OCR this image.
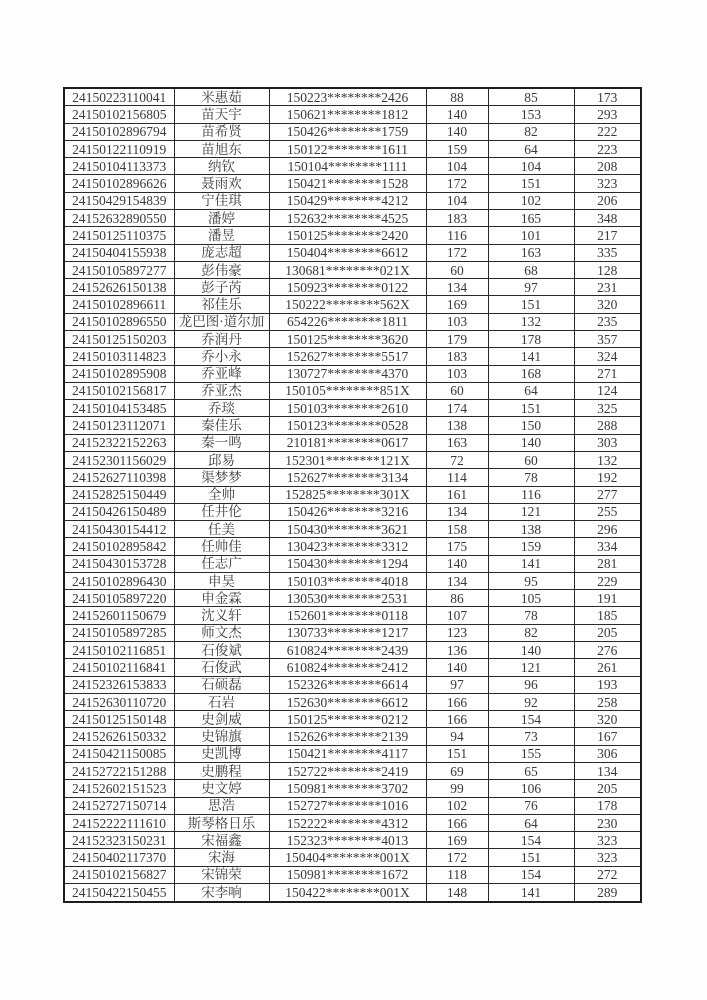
24150223110041	米惠茹	150223********2426	88	85	173
24150102156805	苗天宇	150621********1812	140	153	293
24150102896794	苗希贤	150426********1759	140	82	222
24150122110919	苗旭东	150122********1611	159	64	223
24150104113373	纳钦	150104********1111	104	104	208
24150102896626	聂雨欢	150421********1528	172	151	323
24150429154839	宁佳琪	150429********4212	104	102	206
24152632890550	潘婷	152632********4525	183	165	348
24150125110375	潘昱	150125********2420	116	101	217
24150404155938	庞志超	150404********6612	172	163	335
24150105897277	彭伟豪	130681********021X	60	68	128
24152626150138	彭子芮	150923********0122	134	97	231
24150102896611	祁佳乐	150222********562X	169	151	320
24150102896550	龙巴图·道尔加	654226********1811	103	132	235
24150125150203	乔润丹	150125********3620	179	178	357
24150103114823	乔小永	152627********5517	183	141	324
24150102895908	乔亚峰	130727********4370	103	168	271
24150102156817	乔亚杰	150105********851X	60	64	124
24150104153485	乔琰	150103********2610	174	151	325
24150123112071	秦佳乐	150123********0528	138	150	288
24152322152263	秦一鸣	210181********0617	163	140	303
24152301156029	邱易	152301********121X	72	60	132
24152627110398	渠梦梦	152627********3134	114	78	192
24152825150449	全帅	152825********301X	161	116	277
24150426150489	任井伦	150426********3216	134	121	255
24150430154412	任美	150430********3621	158	138	296
24150102895842	任帅佳	130423********3312	175	159	334
24150430153728	任志广	150430********1294	140	141	281
24150102896430	申昊	150103********4018	134	95	229
24150105897220	申金霖	130530********2531	86	105	191
24152601150679	沈义轩	152601********0118	107	78	185
24150105897285	师文杰	130733********1217	123	82	205
24150102116851	石俊斌	610824********2439	136	140	276
24150102116841	石俊武	610824********2412	140	121	261
24152326153833	石硕磊	152326********6614	97	96	193
24152630110720	石岩	152630********6612	166	92	258
24150125150148	史剑威	150125********0212	166	154	320
24152626150332	史锦旗	152626********2139	94	73	167
24150421150085	史凯博	150421********4117	151	155	306
24152722151288	史鹏程	152722********2419	69	65	134
24152602151523	史文婷	150981********3702	99	106	205
24152727150714	思浩	152727********1016	102	76	178
24152222111610	斯琴格日乐	152222********4312	166	64	230
24152323150231	宋福鑫	152323********4013	169	154	323
24150402117370	宋海	150404********001X	172	151	323
24150102156827	宋锦荣	150981********1672	118	154	272
24150422150455	宋李响	150422********001X	148	141	289
